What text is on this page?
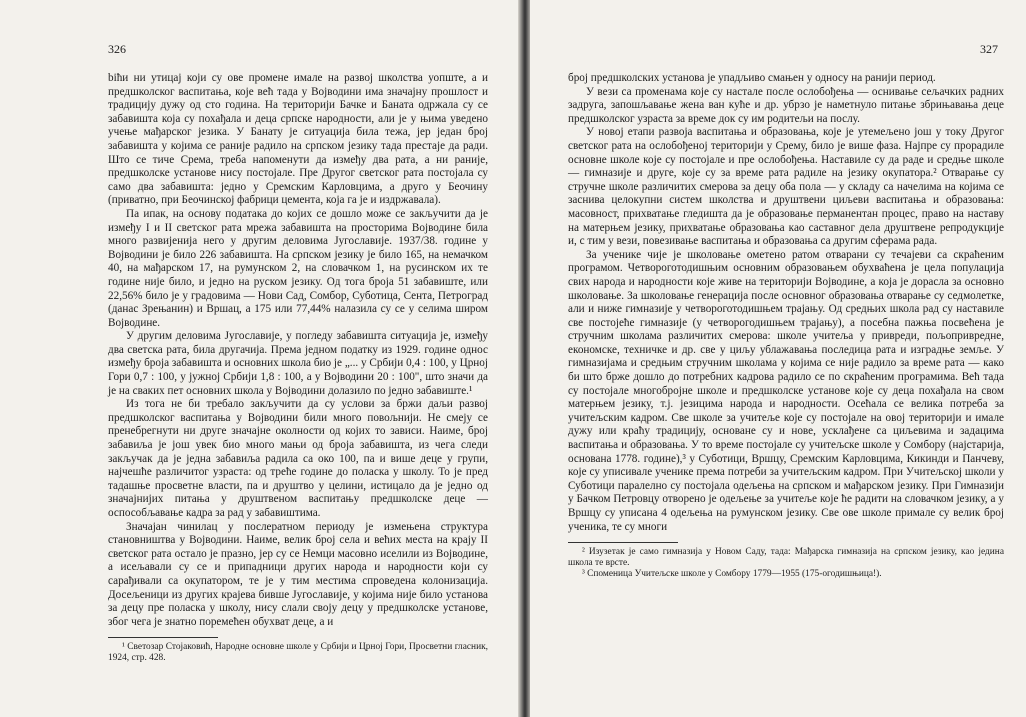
326

biћи ни утицај који су ове промене имале на развој школства уопште, а и предшколског васпитања, које већ тада у Војводини има значајну прошлост и традицију дужу од сто година. На територији Бачке и Баната одржала су се забавишта која су похађала и деца српске народности, али је у њима уведено учење мађарског језика. У Банату је ситуација била тежа, јер један број забавишта у којима се раније радило на српском језику тада престаје да ради. Што се тиче Срема, треба напоменути да између два рата, а ни раније, предшколске установе нису постојале. Пре Другог светског рата постојала су само два забавишта: једно у Сремским Карловцима, а друго у Беочину (приватно, при Беочинској фабрици цемента, која га је и издржавала).

Па ипак, на основу података до којих се дошло може се закључити да је између I и II светског рата мрежа забавишта на просторима Војводине била много развијенија него у другим деловима Југославије. 1937/38. године у Војводини је било 226 забавишта. На српском језику је било 165, на немачком 40, на мађарском 17, на румунском 2, на словачком 1, на русинском их те године није било, и једно на руском језику. Од тога броја 51 забавиште, или 22,56% било је у градовима — Нови Сад, Сомбор, Суботица, Сента, Петроград (данас Зрењанин) и Вршац, а 175 или 77,44% налазила су се у селима широм Војводине.

У другим деловима Југославије, у погледу забавишта ситуација је, између два светска рата, била другачија. Према једном податку из 1929. године однос између броја забавишта и основних школа био је „... у Србији 0,4 : 100, у Црној Гори 0,7 : 100, у јужној Србији 1,8 : 100, а у Војводини 20 : 100", што значи да је на сваких пет основних школа у Војводини долазило по једно забавиште.¹

Из тога не би требало закључити да су услови за бржи даљи развој предшколског васпитања у Војводини били много повољнији. Не смеју се пренебрегнути ни друге значајне околности од којих то зависи. Наиме, број забавиља је још увек био много мањи од броја забавишта, из чега следи закључак да је једна забавиља радила са око 100, па и више деце у групи, најчешће различитог узраста: од треће године до поласка у школу. То је пред тадашње просветне власти, па и друштво у целини, истицало да је једно од значајнијих питања у друштвеном васпитању предшколске деце — оспособљавање кадра за рад у забавиштима.

Значајан чинилац у послератном периоду је измењена структура становништва у Војводини. Наиме, велик број села и већих места на крају II светског рата остало је празно, јер су се Немци масовно иселили из Војводине, а исељавали су се и припадници других народа и народности који су сарађивали са окупатором, те је у тим местима спроведена колонизација. Досељеници из других крајева бивше Југославије, у којима није било установа за децу пре поласка у школу, нису слали своју децу у предшколске установе, због чега је знатно поремећен обухват деце, а и

¹ Светозар Стојаковић, Народне основне школе у Србији и Црној Гори, Просветни гласник, 1924, стр. 428.

327

број предшколских установа је упадљиво смањен у односу на ранији период.

У вези са променама које су настале после ослобођења — оснивање сељачких радних задруга, запошљавање жена ван куће и др. убрзо је наметнуло питање збрињавања деце предшколског узраста за време док су им родитељи на послу.

У новој етапи развоја васпитања и образовања, које је утемељено још у току Другог светског рата на ослобођеној територији у Срему, било је више фаза. Најпре су прорадиле основне школе које су постојале и пре ослобођења. Наставиле су да раде и средње школе — гимназије и друге, које су за време рата радиле на језику окупатора.² Отварање су стручне школе различитих смерова за децу оба пола — у складу са начелима на којима се заснива целокупни систем школства и друштвени циљеви васпитања и образовања: масовност, прихватање гледишта да је образовање перманентан процес, право на наставу на матерњем језику, прихватање образовања као саставног дела друштвене репродукције и, с тим у вези, повезивање васпитања и образовања са другим сферама рада.

За ученике чије је школовање ометено ратом отварани су течајеви са скраћеним програмом. Четвороготодишњим основним образовањем обухваћена је цела популација свих народа и народности које живе на територији Војводине, а која је дорасла за основно школовање. За школовање генерација после основног образовања отварање су седмолетке, али и ниже гимназије у четвороготодишњем трајању. Од средњих школа рад су наставиле све постојеће гимназије (у четворогодишњем трајању), а посебна пажња посвећена је стручним школама различитих смерова: школе учитеља у привреди, пољопривредне, економске, техничке и др. све у циљу ублажавања последица рата и изградње земље. У гимназијама и средњим стручним школама у којима се није радило за време рата — како би што брже дошло до потребних кадрова радило се по скраћеним програмима. Већ тада су постојале многобројне школе и предшколске установе које су деца похађала на свом матерњем језику, т.ј. језицима народа и народности. Осећала се велика потреба за учитељским кадром. Све школе за учитеље које су постојале на овој територији и имале дужу или краћу традицију, основане су и нове, усклађене са циљевима и задацима васпитања и образовања. У то време постојале су учитељске школе у Сомбору (најстарија, основана 1778. године),³ у Суботици, Вршцу, Сремским Карловцима, Кикинди и Панчеву, које су уписивале ученике према потреби за учитељским кадром. При Учитељској школи у Суботици паралелно су постојала одељења на српском и мађарском језику. При Гимназији у Бачком Петровцу отворено је одељење за учитеље које ће радити на словачком језику, а у Вршцу су уписана 4 одељења на румунском језику. Све ове школе примале су велик број ученика, те су многи

² Изузетак је само гимназија у Новом Саду, тада: Мађарска гимназија на српском језику, као једина школа те врсте.

³ Споменица Учитељске школе у Сомбору 1779—1955 (175-огодишњица!).
